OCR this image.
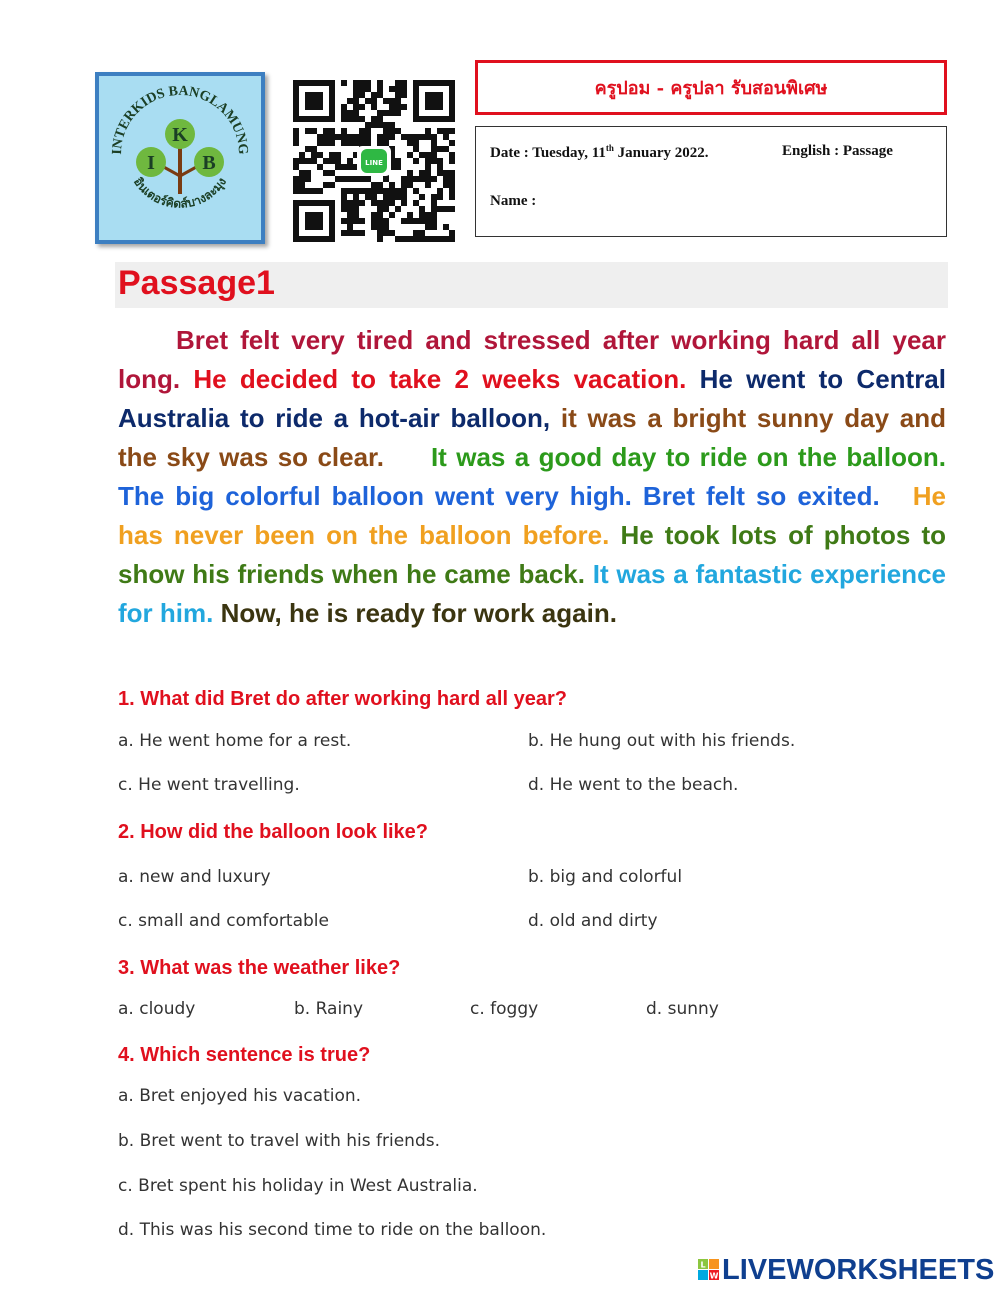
INTERKIDS BANGLAMUNG
อินเตอร์คิดส์บางละมุง
K
I B	LINE
ครูปอม - ครูปลา รับสอนพิเศษ
Date : Tuesday, 11th January 2022.	English : Passage
Name :
Passage1
Bret felt very tired and stressed after working hard all year long. He decided to take 2 weeks vacation. He went to Central Australia to ride a hot-air balloon, it was a bright sunny day and the sky was so clear. It was a good day to ride on the balloon. The big colorful balloon went very high. Bret felt so exited. He has never been on the balloon before. He took lots of photos to show his friends when he came back. It was a fantastic experience for him. Now, he is ready for work again.
1. What did Bret do after working hard all year?
a. He went home for a rest.	b. He hung out with his friends.
c. He went travelling.	d. He went to the beach.
2. How did the balloon look like?
a. new and luxury	b. big and colorful
c. small and comfortable	d. old and dirty
3. What was the weather like?
a. cloudy	b. Rainy	c. foggy	d. sunny
4. Which sentence is true?
a. Bret enjoyed his vacation.
b. Bret went to travel with his friends.
c. Bret spent his holiday in West Australia.
d. This was his second time to ride on the balloon.
L
W LIVEWORKSHEETS
